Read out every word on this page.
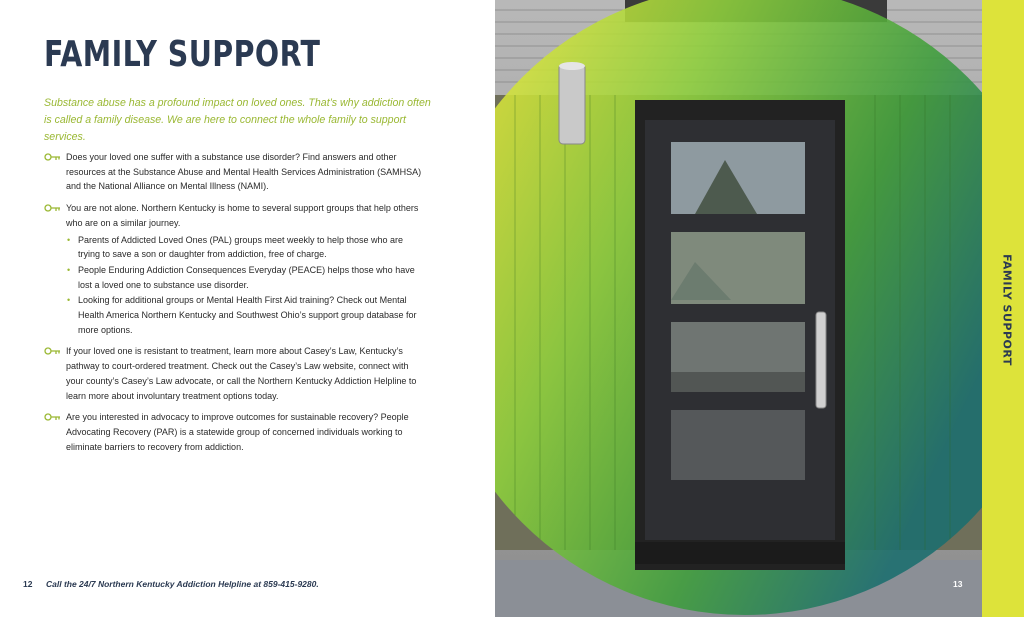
FAMILY SUPPORT

Substance abuse has a profound impact on loved ones. That’s why addiction often is called a family disease. We are here to connect the whole family to support services.

Does your loved one suffer with a substance use disorder? Find answers and other resources at the Substance Abuse and Mental Health Services Administration (SAMHSA) and the National Alliance on Mental Illness (NAMI).
You are not alone. Northern Kentucky is home to several support groups that help others who are on a similar journey.
• Parents of Addicted Loved Ones (PAL) groups meet weekly to help those who are trying to save a son or daughter from addiction, free of charge.
• People Enduring Addiction Consequences Everyday (PEACE) helps those who have lost a loved one to substance use disorder.
• Looking for additional groups or Mental Health First Aid training? Check out Mental Health America Northern Kentucky and Southwest Ohio’s support group database for more options.
If your loved one is resistant to treatment, learn more about Casey’s Law, Kentucky’s pathway to court-ordered treatment. Check out the Casey’s Law website, connect with your county’s Casey’s Law advocate, or call the Northern Kentucky Addiction Helpline to learn more about involuntary treatment options today.
Are you interested in advocacy to improve outcomes for sustainable recovery? People Advocating Recovery (PAR) is a statewide group of concerned individuals working to eliminate barriers to recovery from addiction.
12 Call the 24/7 Northern Kentucky Addiction Helpline at 859-415-9280.
FAMILY SUPPORT
13
